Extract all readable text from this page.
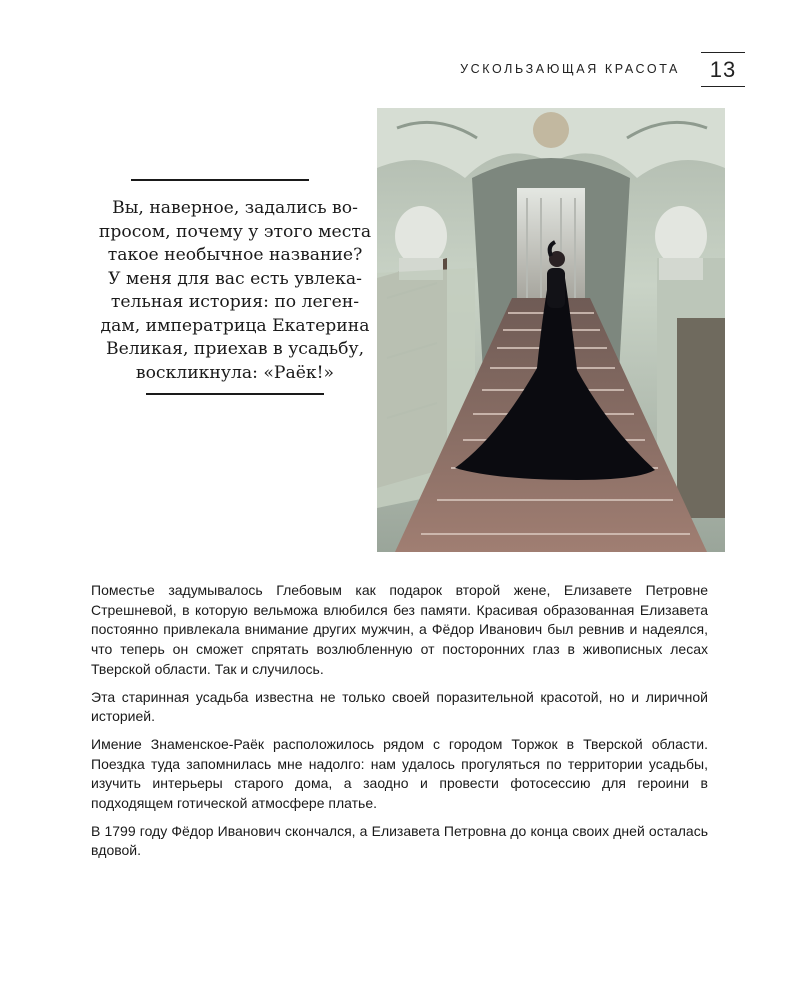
УСКОЛЬЗАЮЩАЯ КРАСОТА	13

Вы, наверное, задались во-
просом, почему у этого места
такое необычное название?
У меня для вас есть увлека-
тельная история: по леген-
дам, императрица Екатерина
Великая, приехав в усадьбу,
воскликнула: «Раёк!»

Поместье задумывалось Глебовым как подарок второй жене, Елизавете Петровне Стрешневой, в которую вельможа влюбился без памяти. Красивая образованная Елизавета постоянно привлекала внимание других мужчин, а Фёдор Иванович был ревнив и надеялся, что теперь он сможет спрятать возлюбленную от посторонних глаз в живописных лесах Тверской области. Так и случилось.

Эта старинная усадьба известна не только своей поразительной красотой, но и лиричной историей.

Имение Знаменское-Раёк расположилось рядом с городом Торжок в Тверской области. Поездка туда запомнилась мне надолго: нам удалось прогуляться по территории усадьбы, изучить интерьеры старого дома, а заодно и провести фотосессию для героини в подходящем готической атмосфере платье.

В 1799 году Фёдор Иванович скончался, а Елизавета Петровна до конца своих дней осталась вдовой.
